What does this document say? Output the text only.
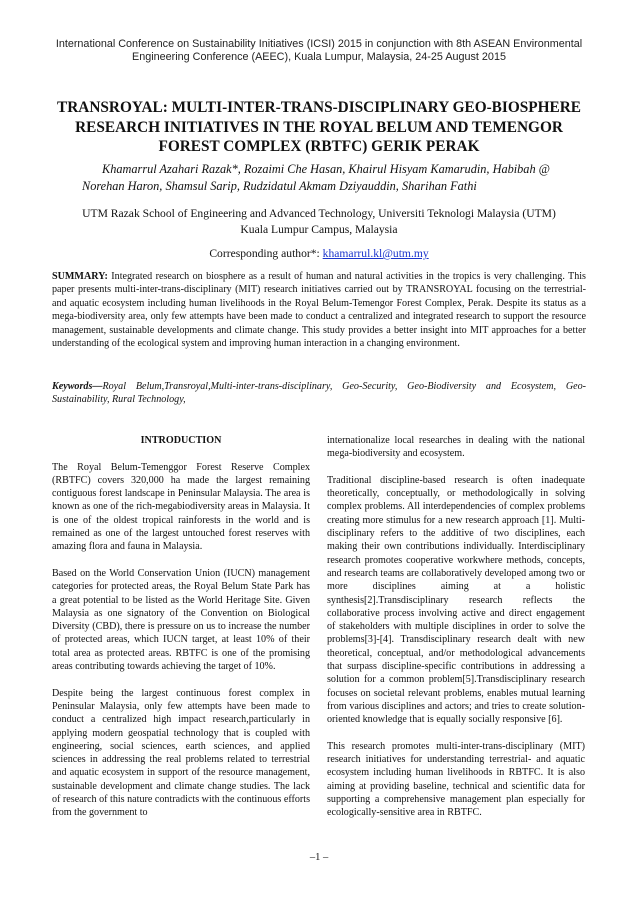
International Conference on Sustainability Initiatives (ICSI) 2015 in conjunction with 8th ASEAN Environmental
Engineering Conference (AEEC), Kuala Lumpur, Malaysia, 24-25 August 2015
TRANSROYAL: MULTI-INTER-TRANS-DISCIPLINARY GEO-BIOSPHERE
RESEARCH INITIATIVES IN THE ROYAL BELUM AND TEMENGOR
FOREST COMPLEX (RBTFC) GERIK PERAK
Khamarrul Azahari Razak*, Rozaimi Che Hasan, Khairul Hisyam Kamarudin, Habibah @ Norehan Haron, Shamsul Sarip, Rudzidatul Akmam Dziyauddin, Sharihan Fathi
UTM Razak School of Engineering and Advanced Technology, Universiti Teknologi Malaysia (UTM)
Kuala Lumpur Campus, Malaysia
Corresponding author*: khamarrul.kl@utm.my
SUMMARY: Integrated research on biosphere as a result of human and natural activities in the tropics is very challenging. This paper presents multi-inter-trans-disciplinary (MIT) research initiatives carried out by TRANSROYAL focusing on the terrestrial- and aquatic ecosystem including human livelihoods in the Royal Belum-Temengor Forest Complex, Perak. Despite its status as a mega-biodiversity area, only few attempts have been made to conduct a centralized and integrated research to support the resource management, sustainable developments and climate change. This study provides a better insight into MIT approaches for a better understanding of the ecological system and improving human interaction in a changing environment.
Keywords—Royal Belum,Transroyal,Multi-inter-trans-disciplinary, Geo-Security, Geo-Biodiversity and Ecosystem, Geo-Sustainability, Rural Technology,

INTRODUCTION

The Royal Belum-Temenggor Forest Reserve Complex (RBTFC) covers 320,000 ha made the largest remaining contiguous forest landscape in Peninsular Malaysia. The area is known as one of the rich-megabiodiversity areas in Malaysia. It is one of the oldest tropical rainforests in the world and is remained as one of the largest untouched forest reserves with amazing flora and fauna in Malaysia.

Based on the World Conservation Union (IUCN) management categories for protected areas, the Royal Belum State Park has a great potential to be listed as the World Heritage Site. Given Malaysia as one signatory of the Convention on Biological Diversity (CBD), there is pressure on us to increase the number of protected areas, which IUCN target, at least 10% of their total area as protected areas. RBTFC is one of the promising areas contributing towards achieving the target of 10%.

Despite being the largest continuous forest complex in Peninsular Malaysia, only few attempts have been made to conduct a centralized high impact research,particularly in applying modern geospatial technology that is coupled with engineering, social sciences, earth sciences, and applied sciences in addressing the real problems related to terrestrial and aquatic ecosystem in support of the resource management, sustainable development and climate change studies. The lack of research of this nature contradicts with the continuous efforts from the government to

internationalize local researches in dealing with the national mega-biodiversity and ecosystem.

Traditional discipline-based research is often inadequate theoretically, conceptually, or methodologically in solving complex problems. All interdependencies of complex problems creating more stimulus for a new research approach [1]. Multi-disciplinary refers to the additive of two disciplines, each making their own contributions individually. Interdisciplinary research promotes cooperative workwhere methods, concepts, and research teams are collaboratively developed among two or more disciplines aiming at a holistic synthesis[2].Transdisciplinary research reflects the collaborative process involving active and direct engagement of stakeholders with multiple disciplines in order to solve the problems[3]-[4]. Transdisciplinary research dealt with new theoretical, conceptual, and/or methodological advancements that surpass discipline-specific contributions in addressing a solution for a common problem[5].Transdisciplinary research focuses on societal relevant problems, enables mutual learning from various disciplines and actors; and tries to create solution-oriented knowledge that is equally socially responsive [6].

This research promotes multi-inter-trans-disciplinary (MIT) research initiatives for understanding terrestrial- and aquatic ecosystem including human livelihoods in RBTFC. It is also aiming at providing baseline, technical and scientific data for supporting a comprehensive management plan especially for ecologically-sensitive area in RBTFC.

–1 –
